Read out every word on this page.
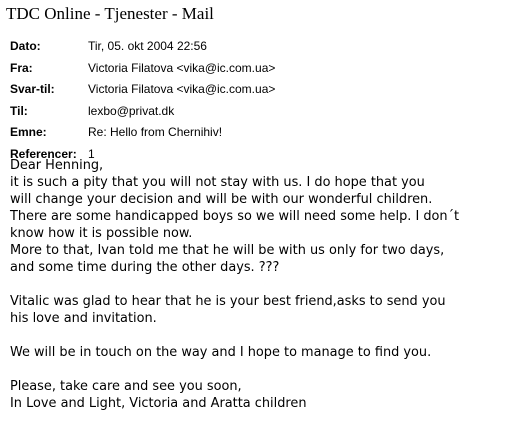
TDC Online - Tjenester - Mail
Dato:	Tir, 05. okt 2004 22:56
Fra:	Victoria Filatova <vika@ic.com.ua>
Svar-til:	Victoria Filatova <vika@ic.com.ua>
Til:	lexbo@privat.dk
Emne:	Re: Hello from Chernihiv!
Referencer: 1
Dear Henning,
it is such a pity that you will not stay with us. I do hope that you
will change your decision and will be with our wonderful children.
There are some handicapped boys so we will need some help. I don´t
know how it is possible now.
More to that, Ivan told me that he will be with us only for two days,
and some time during the other days. ???
Vitalic was glad to hear that he is your best friend,asks to send you
his love and invitation.
We will be in touch on the way and I hope to manage to find you.
Please, take care and see you soon,
In Love and Light, Victoria and Aratta children
